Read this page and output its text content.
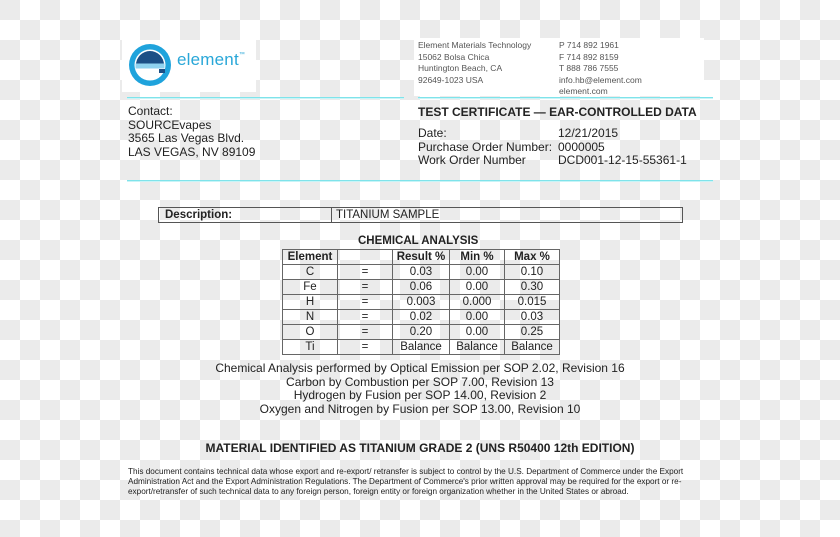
element™
Element Materials Technology
15062 Bolsa Chica
Huntington Beach, CA
92649-1023 USA
P 714 892 1961
F 714 892 8159
T 888 786 7555
info.hb@element.com
element.com
Contact:
SOURCEvapes
3565 Las Vegas Blvd.
LAS VEGAS, NV 89109
TEST CERTIFICATE — EAR-CONTROLLED DATA
Date:	12/21/2015
Purchase Order Number: 0000005
Work Order Number	DCD001-12-15-55361-1
Description:	TITANIUM SAMPLE
CHEMICAL ANALYSIS
Element		Result %	Min %	Max %
C	=	0.03	0.00	0.10
Fe	=	0.06	0.00	0.30
H	=	0.003	0.000	0.015
N	=	0.02	0.00	0.03
O	=	0.20	0.00	0.25
Ti	=	Balance	Balance	Balance
Chemical Analysis performed by Optical Emission per SOP 2.02, Revision 16
Carbon by Combustion per SOP 7.00, Revision 13
Hydrogen by Fusion per SOP 14.00, Revision 2
Oxygen and Nitrogen by Fusion per SOP 13.00, Revision 10
MATERIAL IDENTIFIED AS TITANIUM GRADE 2 (UNS R50400 12th EDITION)
This document contains technical data whose export and re-export/ retransfer is subject to control by the U.S. Department of Commerce under the Export Administration Act and the Export Administration Regulations. The Department of Commerce's prior written approval may be required for the export or re-export/retransfer of such technical data to any foreign person, foreign entity or foreign organization whether in the United States or abroad.
